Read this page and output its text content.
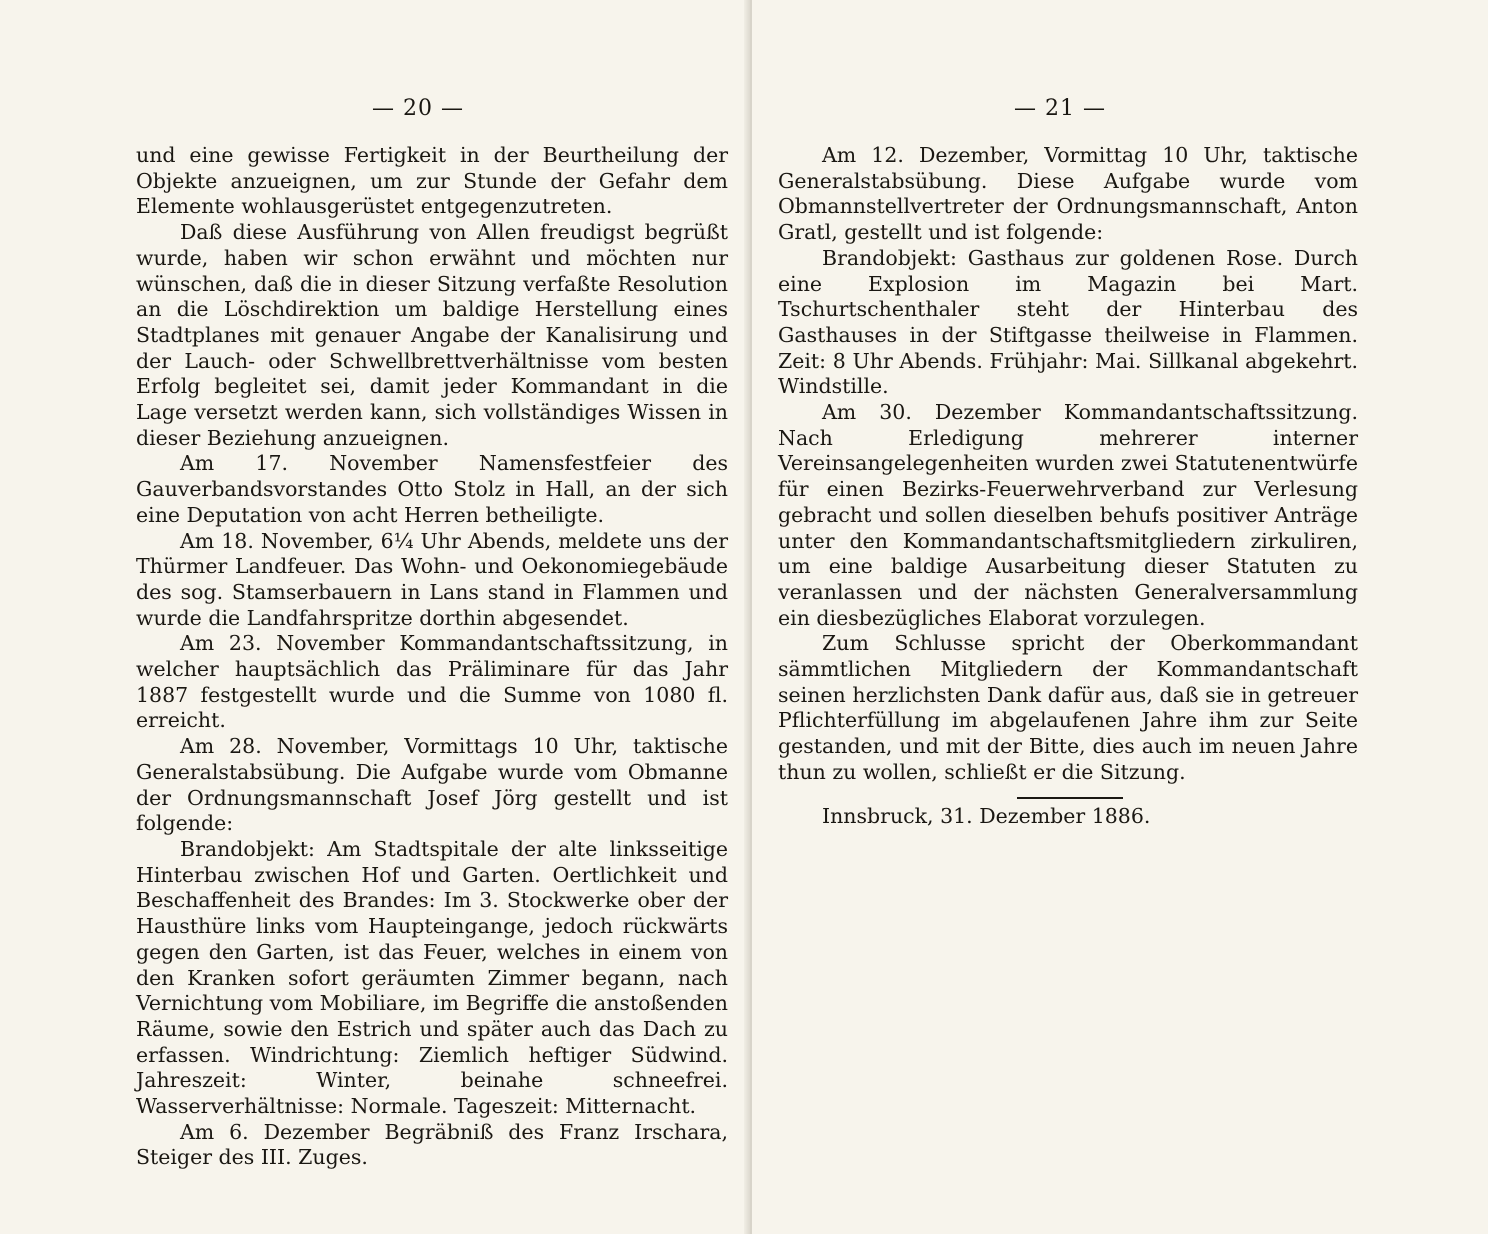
— 20 —

und eine gewisse Fertigkeit in der Beurtheilung der Objekte anzueignen, um zur Stunde der Gefahr dem Elemente wohlausgerüstet entgegenzutreten.

Daß diese Ausführung von Allen freudigst begrüßt wurde, haben wir schon erwähnt und möchten nur wünschen, daß die in dieser Sitzung verfaßte Resolution an die Löschdirektion um baldige Herstellung eines Stadtplanes mit genauer Angabe der Kanalisirung und der Lauch- oder Schwellbrettverhältnisse vom besten Erfolg begleitet sei, damit jeder Kommandant in die Lage versetzt werden kann, sich vollständiges Wissen in dieser Beziehung anzueignen.

Am 17. November Namensfestfeier des Gauverbandsvorstandes Otto Stolz in Hall, an der sich eine Deputation von acht Herren betheiligte.

Am 18. November, 6¼ Uhr Abends, meldete uns der Thürmer Landfeuer. Das Wohn- und Oekonomiegebäude des sog. Stamserbauern in Lans stand in Flammen und wurde die Landfahrspritze dorthin abgesendet.

Am 23. November Kommandantschaftssitzung, in welcher hauptsächlich das Präliminare für das Jahr 1887 festgestellt wurde und die Summe von 1080 fl. erreicht.

Am 28. November, Vormittags 10 Uhr, taktische Generalstabsübung. Die Aufgabe wurde vom Obmanne der Ordnungsmannschaft Josef Jörg gestellt und ist folgende:

Brandobjekt: Am Stadtspitale der alte linksseitige Hinterbau zwischen Hof und Garten. Oertlichkeit und Beschaffenheit des Brandes: Im 3. Stockwerke ober der Hausthüre links vom Haupteingange, jedoch rückwärts gegen den Garten, ist das Feuer, welches in einem von den Kranken sofort geräumten Zimmer begann, nach Vernichtung vom Mobiliare, im Begriffe die anstoßenden Räume, sowie den Estrich und später auch das Dach zu erfassen. Windrichtung: Ziemlich heftiger Südwind. Jahreszeit: Winter, beinahe schneefrei. Wasserverhältnisse: Normale. Tageszeit: Mitternacht.

Am 6. Dezember Begräbniß des Franz Irschara, Steiger des III. Zuges.

— 21 —

Am 12. Dezember, Vormittag 10 Uhr, taktische Generalstabsübung. Diese Aufgabe wurde vom Obmannstellvertreter der Ordnungsmannschaft, Anton Gratl, gestellt und ist folgende:

Brandobjekt: Gasthaus zur goldenen Rose. Durch eine Explosion im Magazin bei Mart. Tschurtschenthaler steht der Hinterbau des Gasthauses in der Stiftgasse theilweise in Flammen. Zeit: 8 Uhr Abends. Frühjahr: Mai. Sillkanal abgekehrt. Windstille.

Am 30. Dezember Kommandantschaftssitzung. Nach Erledigung mehrerer interner Vereinsangelegenheiten wurden zwei Statutenentwürfe für einen Bezirks-Feuerwehrverband zur Verlesung gebracht und sollen dieselben behufs positiver Anträge unter den Kommandantschaftsmitgliedern zirkuliren, um eine baldige Ausarbeitung dieser Statuten zu veranlassen und der nächsten Generalversammlung ein diesbezügliches Elaborat vorzulegen.

Zum Schlusse spricht der Oberkommandant sämmtlichen Mitgliedern der Kommandantschaft seinen herzlichsten Dank dafür aus, daß sie in getreuer Pflichterfüllung im abgelaufenen Jahre ihm zur Seite gestanden, und mit der Bitte, dies auch im neuen Jahre thun zu wollen, schließt er die Sitzung.

Innsbruck, 31. Dezember 1886.
